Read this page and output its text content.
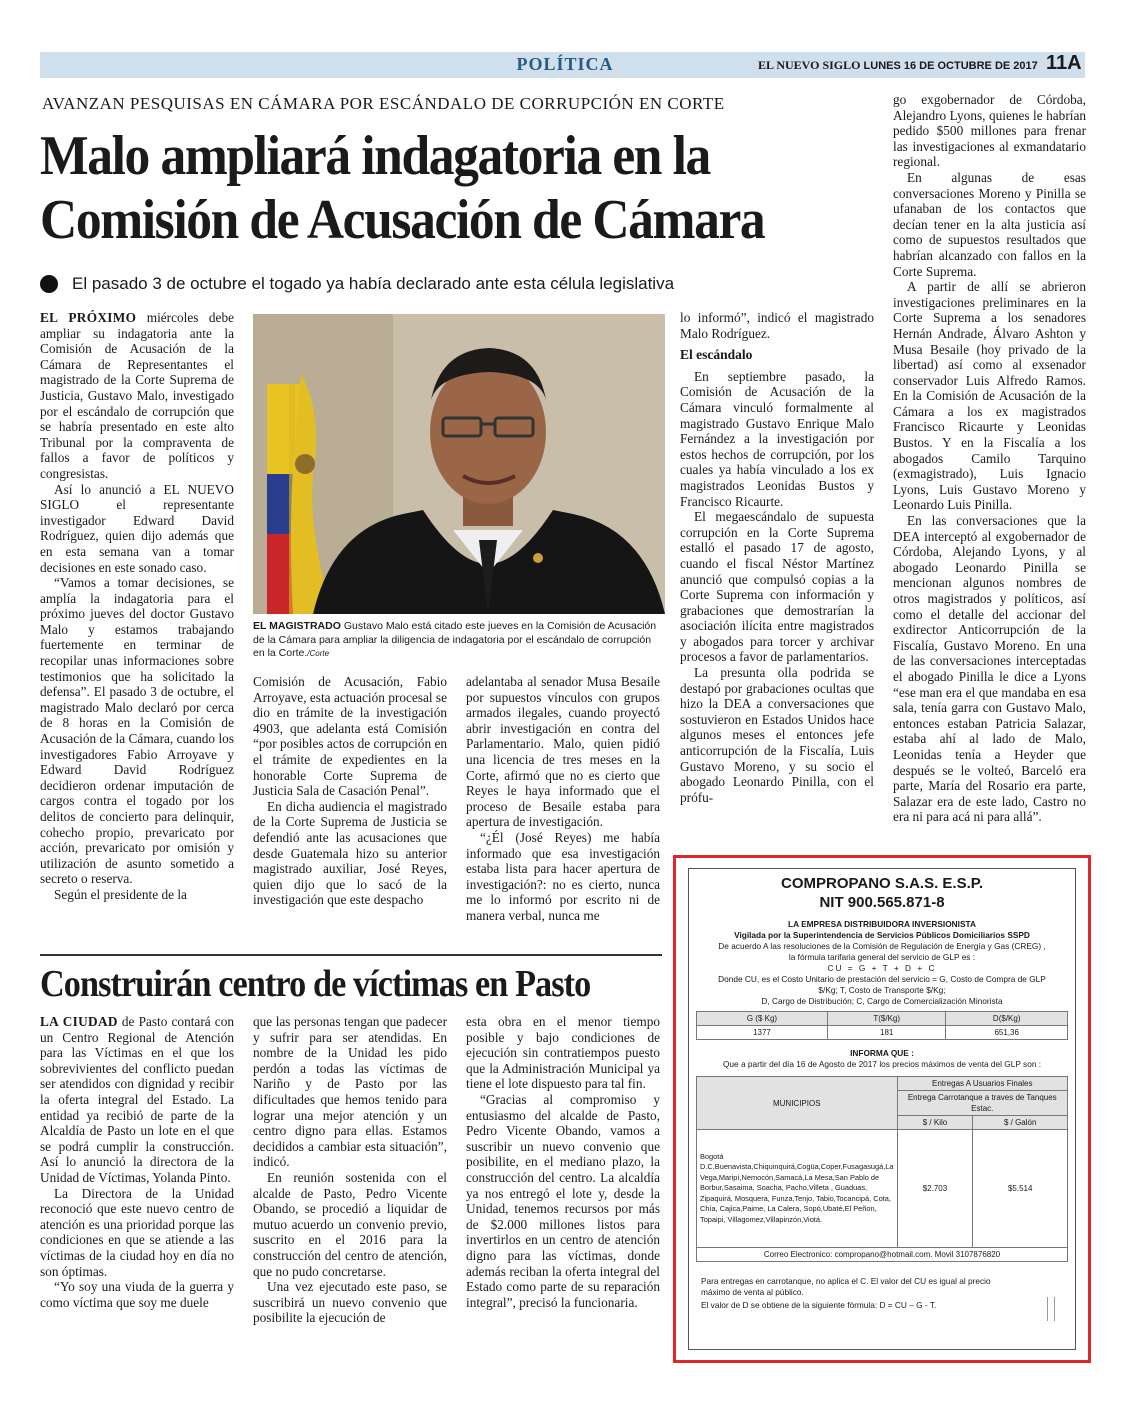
POLÍTICA	EL NUEVO SIGLO LUNES 16 DE OCTUBRE DE 2017 11A
AVANZAN PESQUISAS EN CÁMARA POR ESCÁNDALO DE CORRUPCIÓN EN CORTE
Malo ampliará indagatoria en la Comisión de Acusación de Cámara
El pasado 3 de octubre el togado ya había declarado ante esta célula legislativa

EL PRÓXIMO miércoles debe ampliar su indagatoria ante la Comisión de Acusación de la Cámara de Representantes el magistrado de la Corte Suprema de Justicia, Gustavo Malo, investigado por el escándalo de corrupción que se habría presentado en este alto Tribunal por la compraventa de fallos a favor de políticos y congresistas.

Así lo anunció a EL NUEVO SIGLO el representante investigador Edward David Rodríguez, quien dijo además que en esta semana van a tomar decisiones en este sonado caso.

“Vamos a tomar decisiones, se amplía la indagatoria para el próximo jueves del doctor Gustavo Malo y estamos trabajando fuertemente en terminar de recopilar unas informaciones sobre testimonios que ha solicitado la defensa”. El pasado 3 de octubre, el magistrado Malo declaró por cerca de 8 horas en la Comisión de Acusación de la Cámara, cuando los investigadores Fabio Arroyave y Edward David Rodríguez decidieron ordenar imputación de cargos contra el togado por los delitos de concierto para delinquir, cohecho propio, prevaricato por acción, prevaricato por omisión y utilización de asunto sometido a secreto o reserva.

Según el presidente de la

EL MAGISTRADO Gustavo Malo está citado este jueves en la Comisión de Acusación de la Cámara para ampliar la diligencia de indagatoria por el escándalo de corrupción en la Corte./Corte

Comisión de Acusación, Fabio Arroyave, esta actuación procesal se dio en trámite de la investigación 4903, que adelanta está Comisión “por posibles actos de corrupción en el trámite de expedientes en la honorable Corte Suprema de Justicia Sala de Casación Penal”.

En dicha audiencia el magistrado de la Corte Suprema de Justicia se defendió ante las acusaciones que desde Guatemala hizo su anterior magistrado auxiliar, José Reyes, quien dijo que lo sacó de la investigación que este despacho

adelantaba al senador Musa Besaile por supuestos vínculos con grupos armados ilegales, cuando proyectó abrir investigación en contra del Parlamentario. Malo, quien pidió una licencia de tres meses en la Corte, afirmó que no es cierto que Reyes le haya informado que el proceso de Besaile estaba para apertura de investigación.

“¿Él (José Reyes) me había informado que esa investigación estaba lista para hacer apertura de investigación?: no es cierto, nunca me lo informó por escrito ni de manera verbal, nunca me

lo informó”, indicó el magistrado Malo Rodríguez.

El escándalo

En septiembre pasado, la Comisión de Acusación de la Cámara vinculó formalmente al magistrado Gustavo Enrique Malo Fernández a la investigación por estos hechos de corrupción, por los cuales ya había vinculado a los ex magistrados Leonidas Bustos y Francisco Ricaurte.

El megaescándalo de supuesta corrupción en la Corte Suprema estalló el pasado 17 de agosto, cuando el fiscal Néstor Martínez anunció que compulsó copias a la Corte Suprema con información y grabaciones que demostrarían la asociación ilícita entre magistrados y abogados para torcer y archivar procesos a favor de parlamentarios.

La presunta olla podrida se destapó por grabaciones ocultas que hizo la DEA a conversaciones que sostuvieron en Estados Unidos hace algunos meses el entonces jefe anticorrupción de la Fiscalía, Luis Gustavo Moreno, y su socio el abogado Leonardo Pinilla, con el prófu-

go exgobernador de Córdoba, Alejandro Lyons, quienes le habrían pedido $500 millones para frenar las investigaciones al exmandatario regional.

En algunas de esas conversaciones Moreno y Pinilla se ufanaban de los contactos que decían tener en la alta justicia así como de supuestos resultados que habrían alcanzado con fallos en la Corte Suprema.

A partir de allí se abrieron investigaciones preliminares en la Corte Suprema a los senadores Hernán Andrade, Álvaro Ashton y Musa Besaile (hoy privado de la libertad) así como al exsenador conservador Luis Alfredo Ramos. En la Comisión de Acusación de la Cámara a los ex magistrados Francisco Ricaurte y Leonidas Bustos. Y en la Fiscalía a los abogados Camilo Tarquino (exmagistrado), Luis Ignacio Lyons, Luis Gustavo Moreno y Leonardo Luis Pinilla.

En las conversaciones que la DEA interceptó al exgobernador de Córdoba, Alejando Lyons, y al abogado Leonardo Pinilla se mencionan algunos nombres de otros magistrados y políticos, así como el detalle del accionar del exdirector Anticorrupción de la Fiscalía, Gustavo Moreno. En una de las conversaciones interceptadas el abogado Pinilla le dice a Lyons “ese man era el que mandaba en esa sala, tenía garra con Gustavo Malo, entonces estaban Patricia Salazar, estaba ahí al lado de Malo, Leonidas tenía a Heyder que después se le volteó, Barceló era parte, María del Rosario era parte, Salazar era de este lado, Castro no era ni para acá ni para allá”.

Construirán centro de víctimas en Pasto

LA CIUDAD de Pasto contará con un Centro Regional de Atención para las Víctimas en el que los sobrevivientes del conflicto puedan ser atendidos con dignidad y recibir la oferta integral del Estado. La entidad ya recibió de parte de la Alcaldía de Pasto un lote en el que se podrá cumplir la construcción. Así lo anunció la directora de la Unidad de Víctimas, Yolanda Pinto.

La Directora de la Unidad reconoció que este nuevo centro de atención es una prioridad porque las condiciones en que se atiende a las víctimas de la ciudad hoy en día no son óptimas.

“Yo soy una viuda de la guerra y como víctima que soy me duele

que las personas tengan que padecer y sufrir para ser atendidas. En nombre de la Unidad les pido perdón a todas las víctimas de Nariño y de Pasto por las dificultades que hemos tenido para lograr una mejor atención y un centro digno para ellas. Estamos decididos a cambiar esta situación”, indicó.

En reunión sostenida con el alcalde de Pasto, Pedro Vicente Obando, se procedió a liquidar de mutuo acuerdo un convenio previo, suscrito en el 2016 para la construcción del centro de atención, que no pudo concretarse.

Una vez ejecutado este paso, se suscribirá un nuevo convenio que posibilite la ejecución de

esta obra en el menor tiempo posible y bajo condiciones de ejecución sin contratiempos puesto que la Administración Municipal ya tiene el lote dispuesto para tal fin.

“Gracias al compromiso y entusiasmo del alcalde de Pasto, Pedro Vicente Obando, vamos a suscribir un nuevo convenio que posibilite, en el mediano plazo, la construcción del centro. La alcaldía ya nos entregó el lote y, desde la Unidad, tenemos recursos por más de $2.000 millones listos para invertirlos en un centro de atención digno para las víctimas, donde además reciban la oferta integral del Estado como parte de su reparación integral”, precisó la funcionaria.

COMPROPANO S.A.S. E.S.P.
NIT 900.565.871-8
LA EMPRESA DISTRIBUIDORA INVERSIONISTA
Vigilada por la Superintendencia de Servicios Públicos Domiciliarios SSPD
De acuerdo A las resoluciones de la Comisión de Regulación de Energía y Gas (CREG) ,
la fórmula tarifaria general del servicio de GLP es :
CU = G + T + D + C
Donde CU, es el Costo Unitario de prestación del servicio = G, Costo de Compra de GLP
$/Kg; T, Costo de Transporte $/Kg;
D, Cargo de Distribución; C, Cargo de Comercialización Minorista
G ($ Kg)	T($/Kg)	D($/Kg)
1377	181	651,36
INFORMA QUE :
Que a partir del día 16 de Agosto de 2017 los precios máximos de venta del GLP son :
MUNICIPIOS	Entregas A Usuarios Finales	
	Entrega Carrotanque a traves de Tanques Estac.	
	$ / Kilo	$ / Galón
Bogotá D.C,Buenavista,Chiquinquirá,Cogüa,Coper,Fusagasugá,La Vega,Maripí,Nemocón,Samacá,La Mesa,San Pablo de Borbur,Sasaima, Soacha, Pacho,Villeta , Guaduas, Zipaquirá, Mosquera, Funza,Tenjo, Tabio,Tocancipá, Cota, Chía, Cajica,Paime, La Calera, Sopó,Ubaté,El Peñon, Topaipi, Villagomez,Villapinzón,Viotá.	$2.703	$5.514
Correo Electronico: compropano@hotmail.com. Movil 3107876820		
Para entregas en carrotanque, no aplica el C. El valor del CU es igual al precio máximo de venta al público.
El valor de D se obtiene de la siguiente fórmula: D = CU – G - T.
